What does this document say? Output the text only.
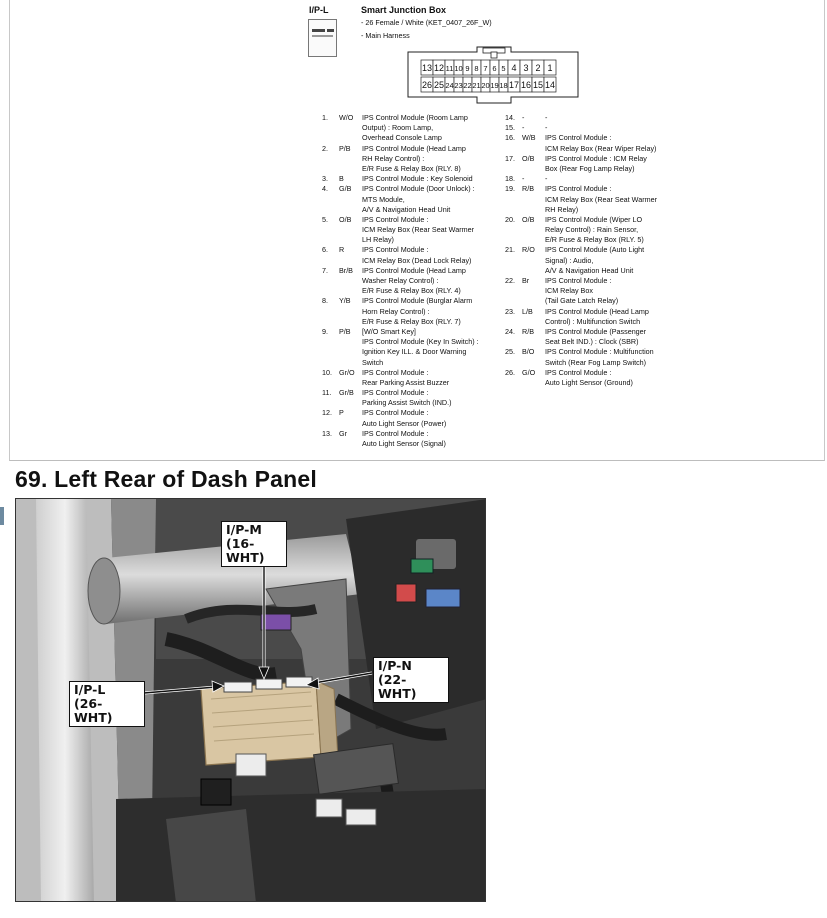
I/P-L	Smart Junction Box
- 26 Female / White (KET_0407_26F_W)
- Main Harness
13 12 11 10 9 8 7 6 5 4 3 2 1
26 25 24 23 22 21 20 19 18 17 16 15 14
1. W/O IPS Control Module (Room Lamp
Output) : Room Lamp,
Overhead Console Lamp
2. P/B IPS Control Module (Head Lamp
RH Relay Control) :
E/R Fuse & Relay Box (RLY. 8)
3. B	IPS Control Module : Key Solenoid
4. G/B IPS Control Module (Door Unlock) :
MTS Module,
A/V & Navigation Head Unit
5. O/B IPS Control Module :
ICM Relay Box (Rear Seat Warmer
LH Relay)
6. R IPS Control Module :
ICM Relay Box (Dead Lock Relay)
7. Br/B IPS Control Module (Head Lamp
Washer Relay Control) :
E/R Fuse & Relay Box (RLY. 4)
8. Y/B IPS Control Module (Burglar Alarm
Horn Relay Control) :
E/R Fuse & Relay Box (RLY. 7)
9. P/B [W/O Smart Key]
IPS Control Module (Key In Switch) :
Ignition Key ILL. & Door Warning
Switch
10. Gr/O IPS Control Module :
Rear Parking Assist Buzzer
11. Gr/B IPS Control Module :
Parking Assist Switch (IND.)
12. P	IPS Control Module :
Auto Light Sensor (Power)
13. Gr IPS Control Module :
Auto Light Sensor (Signal)
14. -	-
15. -	-
16. W/B IPS Control Module :
ICM Relay Box (Rear Wiper Relay)
17. O/B IPS Control Module : ICM Relay
Box (Rear Fog Lamp Relay)
18. -	-
19. R/B IPS Control Module :
ICM Relay Box (Rear Seat Warmer
RH Relay)
20. O/B IPS Control Module (Wiper LO
Relay Control) : Rain Sensor,
E/R Fuse & Relay Box (RLY. 5)
21. R/O IPS Control Module (Auto Light
Signal) : Audio,
A/V & Navigation Head Unit
22. Br IPS Control Module :
ICM Relay Box
(Tail Gate Latch Relay)
23. L/B IPS Control Module (Head Lamp
Control) : Multifunction Switch
24. R/B IPS Control Module (Passenger
Seat Belt IND.) : Clock (SBR)
25. B/O IPS Control Module : Multifunction
Switch (Rear Fog Lamp Switch)
26. G/O IPS Control Module :
Auto Light Sensor (Ground)
69. Left Rear of Dash Panel
I/P-M
(16-WHT)
I/P-N
(22-WHT)
I/P-L
(26-WHT)
